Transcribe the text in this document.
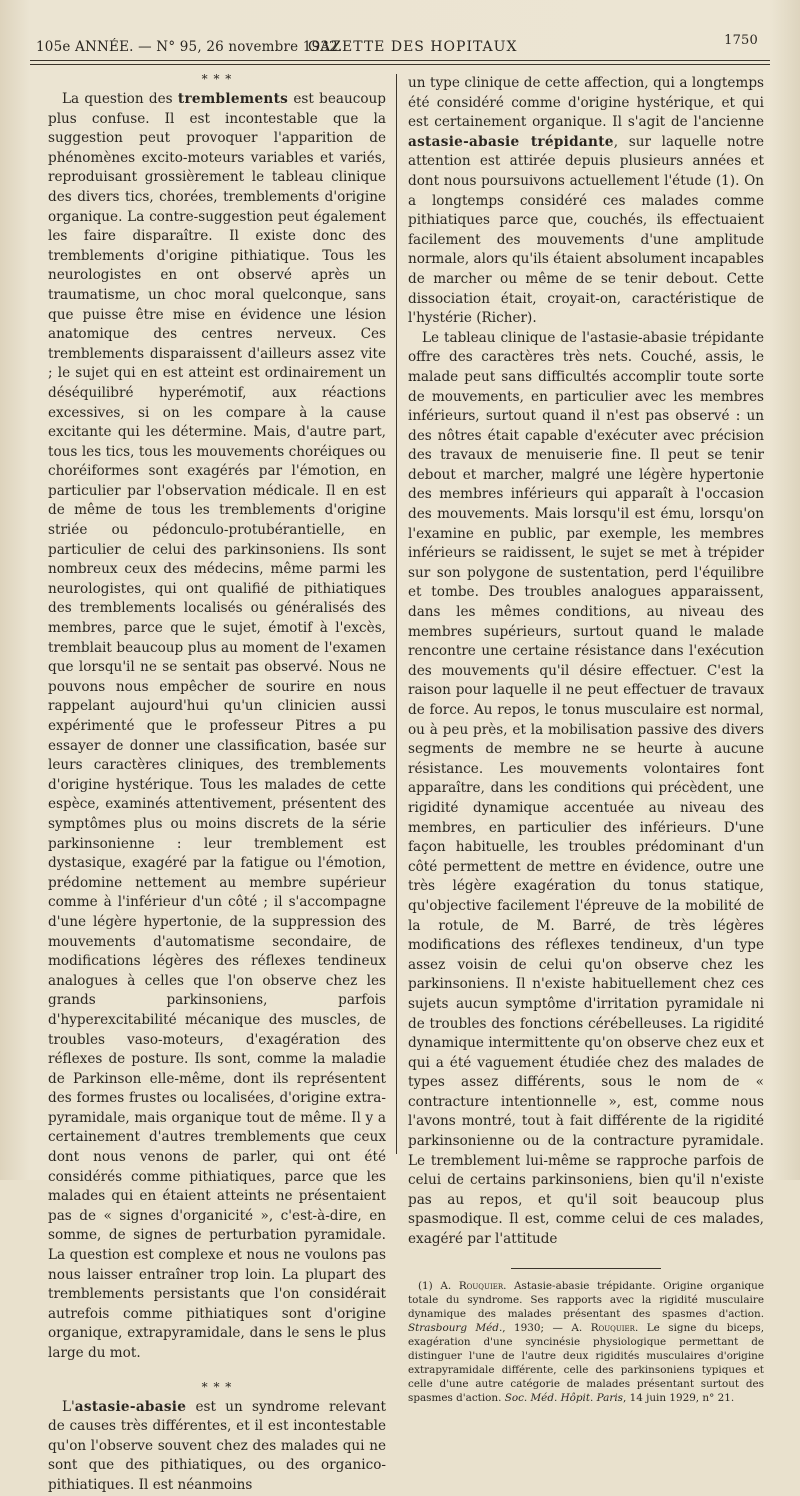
105e ANNÉE. — N° 95, 26 novembre 1932.
GAZETTE DES HOPITAUX	1750
* * *

La question des tremblements est beaucoup plus confuse. Il est incontestable que la suggestion peut provoquer l'apparition de phénomènes excito-moteurs variables et variés, reproduisant grossièrement le tableau clinique des divers tics, chorées, tremblements d'origine organique. La contre-suggestion peut également les faire disparaître. Il existe donc des tremblements d'origine pithiatique. Tous les neurologistes en ont observé après un traumatisme, un choc moral quelconque, sans que puisse être mise en évidence une lésion anatomique des centres nerveux. Ces tremblements disparaissent d'ailleurs assez vite ; le sujet qui en est atteint est ordinairement un déséquilibré hyperémotif, aux réactions excessives, si on les compare à la cause excitante qui les détermine. Mais, d'autre part, tous les tics, tous les mouvements choréiques ou choréiformes sont exagérés par l'émotion, en particulier par l'observation médicale. Il en est de même de tous les tremblements d'origine striée ou pédonculo-protubérantielle, en particulier de celui des parkinsoniens. Ils sont nombreux ceux des médecins, même parmi les neurologistes, qui ont qualifié de pithiatiques des tremblements localisés ou généralisés des membres, parce que le sujet, émotif à l'excès, tremblait beaucoup plus au moment de l'examen que lorsqu'il ne se sentait pas observé. Nous ne pouvons nous empêcher de sourire en nous rappelant aujourd'hui qu'un clinicien aussi expérimenté que le professeur Pitres a pu essayer de donner une classification, basée sur leurs caractères cliniques, des tremblements d'origine hystérique. Tous les malades de cette espèce, examinés attentivement, présentent des symptômes plus ou moins discrets de la série parkinsonienne : leur tremblement est dystasique, exagéré par la fatigue ou l'émotion, prédomine nettement au membre supérieur comme à l'inférieur d'un côté ; il s'accompagne d'une légère hypertonie, de la suppression des mouvements d'automatisme secondaire, de modifications légères des réflexes tendineux analogues à celles que l'on observe chez les grands parkinsoniens, parfois d'hyperexcitabilité mécanique des muscles, de troubles vaso-moteurs, d'exagération des réflexes de posture. Ils sont, comme la maladie de Parkinson elle-même, dont ils représentent des formes frustes ou localisées, d'origine extra-pyramidale, mais organique tout de même. Il y a certainement d'autres tremblements que ceux dont nous venons de parler, qui ont été considérés comme pithiatiques, parce que les malades qui en étaient atteints ne présentaient pas de « signes d'organicité », c'est-à-dire, en somme, de signes de perturbation pyramidale. La question est complexe et nous ne voulons pas nous laisser entraîner trop loin. La plupart des tremblements persistants que l'on considérait autrefois comme pithiatiques sont d'origine organique, extrapyramidale, dans le sens le plus large du mot.

* * *

L'astasie-abasie est un syndrome relevant de causes très différentes, et il est incontestable qu'on l'observe souvent chez des malades qui ne sont que des pithiatiques, ou des organico-pithiatiques. Il est néanmoins

un type clinique de cette affection, qui a longtemps été considéré comme d'origine hystérique, et qui est certainement organique. Il s'agit de l'ancienne astasie-abasie trépidante, sur laquelle notre attention est attirée depuis plusieurs années et dont nous poursuivons actuellement l'étude (1). On a longtemps considéré ces malades comme pithiatiques parce que, couchés, ils effectuaient facilement des mouvements d'une amplitude normale, alors qu'ils étaient absolument incapables de marcher ou même de se tenir debout. Cette dissociation était, croyait-on, caractéristique de l'hystérie (Richer).

Le tableau clinique de l'astasie-abasie trépidante offre des caractères très nets. Couché, assis, le malade peut sans difficultés accomplir toute sorte de mouvements, en particulier avec les membres inférieurs, surtout quand il n'est pas observé : un des nôtres était capable d'exécuter avec précision des travaux de menuiserie fine. Il peut se tenir debout et marcher, malgré une légère hypertonie des membres inférieurs qui apparaît à l'occasion des mouvements. Mais lorsqu'il est ému, lorsqu'on l'examine en public, par exemple, les membres inférieurs se raidissent, le sujet se met à trépider sur son polygone de sustentation, perd l'équilibre et tombe. Des troubles analogues apparaissent, dans les mêmes conditions, au niveau des membres supérieurs, surtout quand le malade rencontre une certaine résistance dans l'exécution des mouvements qu'il désire effectuer. C'est la raison pour laquelle il ne peut effectuer de travaux de force. Au repos, le tonus musculaire est normal, ou à peu près, et la mobilisation passive des divers segments de membre ne se heurte à aucune résistance. Les mouvements volontaires font apparaître, dans les conditions qui précèdent, une rigidité dynamique accentuée au niveau des membres, en particulier des inférieurs. D'une façon habituelle, les troubles prédominant d'un côté permettent de mettre en évidence, outre une très légère exagération du tonus statique, qu'objective facilement l'épreuve de la mobilité de la rotule, de M. Barré, de très légères modifications des réflexes tendineux, d'un type assez voisin de celui qu'on observe chez les parkinsoniens. Il n'existe habituellement chez ces sujets aucun symptôme d'irritation pyramidale ni de troubles des fonctions cérébelleuses. La rigidité dynamique intermittente qu'on observe chez eux et qui a été vaguement étudiée chez des malades de types assez différents, sous le nom de « contracture intentionnelle », est, comme nous l'avons montré, tout à fait différente de la rigidité parkinsonienne ou de la contracture pyramidale. Le tremblement lui-même se rapproche parfois de celui de certains parkinsoniens, bien qu'il n'existe pas au repos, et qu'il soit beaucoup plus spasmodique. Il est, comme celui de ces malades, exagéré par l'attitude

(1) A. Rouquier. Astasie-abasie trépidante. Origine organique totale du syndrome. Ses rapports avec la rigidité musculaire dynamique des malades présentant des spasmes d'action. Strasbourg Méd., 1930; — A. Rouquier. Le signe du biceps, exagération d'une syncinésie physiologique permettant de distinguer l'une de l'autre deux rigidités musculaires d'origine extrapyramidale différente, celle des parkinsoniens typiques et celle d'une autre catégorie de malades présentant surtout des spasmes d'action. Soc. Méd. Hôpit. Paris, 14 juin 1929, n° 21.
